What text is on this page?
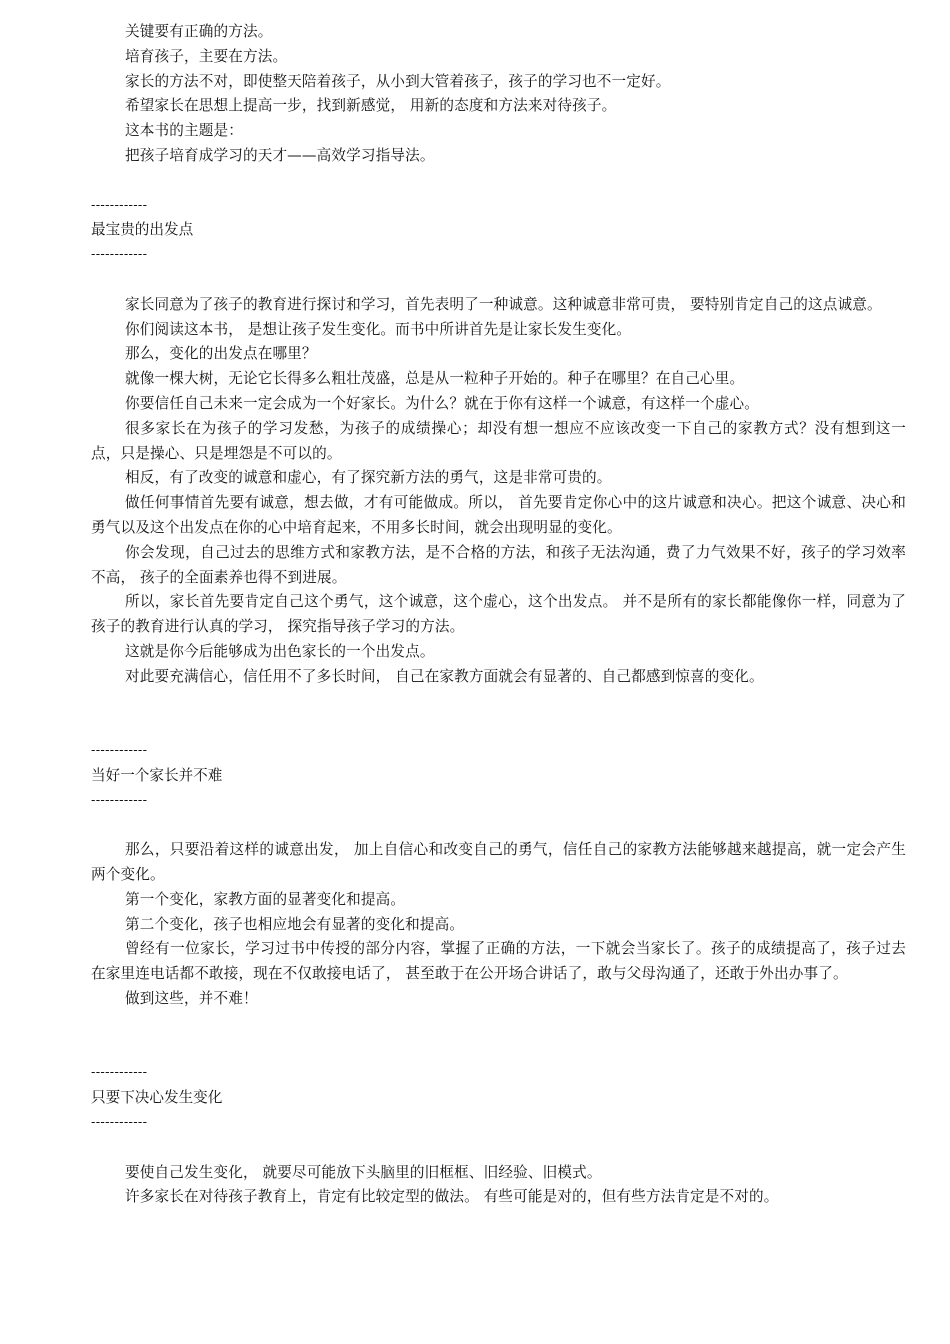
关键要有正确的方法。

培育孩子，主要在方法。

家长的方法不对，即使整天陪着孩子，从小到大管着孩子，孩子的学习也不一定好。

希望家长在思想上提高一步，找到新感觉， 用新的态度和方法来对待孩子。

这本书的主题是：

把孩子培育成学习的天才——高效学习指导法。

------------

最宝贵的出发点

------------

家长同意为了孩子的教育进行探讨和学习，首先表明了一种诚意。这种诚意非常可贵， 要特别肯定自己的这点诚意。

你们阅读这本书， 是想让孩子发生变化。而书中所讲首先是让家长发生变化。

那么，变化的出发点在哪里？

就像一棵大树，无论它长得多么粗壮茂盛，总是从一粒种子开始的。种子在哪里？在自己心里。

你要信任自己未来一定会成为一个好家长。为什么？就在于你有这样一个诚意，有这样一个虚心。

很多家长在为孩子的学习发愁，为孩子的成绩操心；却没有想一想应不应该改变一下自己的家教方式？没有想到这一点，只是操心、只是埋怨是不可以的。

相反，有了改变的诚意和虚心，有了探究新方法的勇气，这是非常可贵的。

做任何事情首先要有诚意，想去做，才有可能做成。所以， 首先要肯定你心中的这片诚意和决心。把这个诚意、决心和勇气以及这个出发点在你的心中培育起来，不用多长时间，就会出现明显的变化。

你会发现，自己过去的思维方式和家教方法，是不合格的方法，和孩子无法沟通，费了力气效果不好，孩子的学习效率不高， 孩子的全面素养也得不到进展。

所以，家长首先要肯定自己这个勇气，这个诚意，这个虚心，这个出发点。 并不是所有的家长都能像你一样，同意为了孩子的教育进行认真的学习， 探究指导孩子学习的方法。

这就是你今后能够成为出色家长的一个出发点。

对此要充满信心，信任用不了多长时间， 自己在家教方面就会有显著的、自己都感到惊喜的变化。

------------

当好一个家长并不难

------------

那么，只要沿着这样的诚意出发， 加上自信心和改变自己的勇气，信任自己的家教方法能够越来越提高，就一定会产生两个变化。

第一个变化，家教方面的显著变化和提高。

第二个变化，孩子也相应地会有显著的变化和提高。

曾经有一位家长，学习过书中传授的部分内容，掌握了正确的方法，一下就会当家长了。孩子的成绩提高了，孩子过去在家里连电话都不敢接，现在不仅敢接电话了， 甚至敢于在公开场合讲话了，敢与父母沟通了，还敢于外出办事了。

做到这些，并不难！

------------

只要下决心发生变化

------------

要使自己发生变化， 就要尽可能放下头脑里的旧框框、旧经验、旧模式。

许多家长在对待孩子教育上，肯定有比较定型的做法。 有些可能是对的，但有些方法肯定是不对的。
